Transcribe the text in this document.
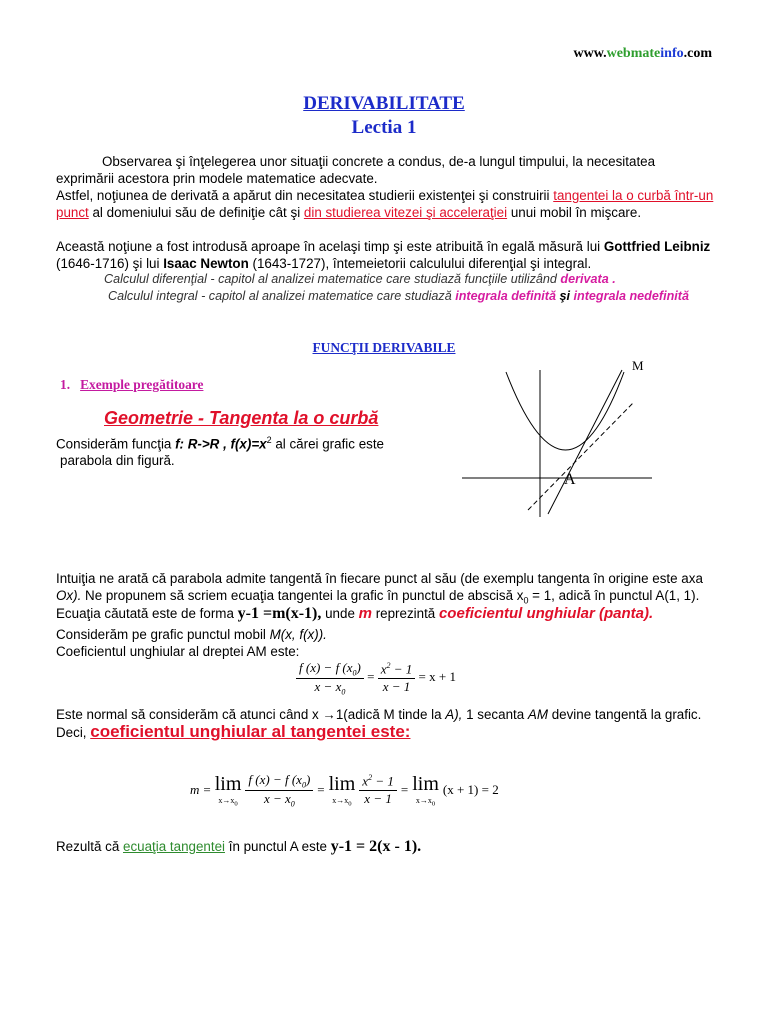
www.webmateinfo.com
DERIVABILITATE
Lectia 1
Observarea şi înţelegerea unor situaţii concrete a condus, de-a lungul timpului, la necesitatea exprimării acestora prin modele matematice adecvate.
Astfel, noţiunea de derivată a apărut din necesitatea studierii existenţei şi construirii tangentei la o curbă într-un punct al domeniului său de definiţie cât şi din studierea vitezei şi acceleraţiei unui mobil în mişcare.
Această noţiune a fost introdusă aproape în acelaşi timp şi este atribuită în egală măsură lui Gottfried Leibniz (1646-1716) şi lui Isaac Newton (1643-1727), întemeietorii calculului diferenţial şi integral.
Calculul diferenţial - capitol al analizei matematice care studiază funcţiile utilizând derivata .
Calculul integral - capitol al analizei matematice care studiază integrala definită şi integrala nedefinită
FUNCŢII DERIVABILE
1. Exemple pregătitoare
Geometrie - Tangenta la o curbă
M
A
Considerăm funcţia f: R->R , $f(x)=x^2$ al cărei grafic este
parabola din figură.
Intuiţia ne arată că parabola admite tangentă în fiecare punct al său (de exemplu tangenta în origine este axa Ox). Ne propunem să scriem ecuaţia tangentei la grafic în punctul de abscisă $x_0 = 1$, adică în punctul A(1, 1).
Ecuaţia căutată este de forma y-1 =m(x-1), unde m reprezintă coeficientul unghiular (panta).
Considerăm pe grafic punctul mobil M(x, f(x)).
Coeficientul unghiular al dreptei AM este:
$\frac{f (x) - f (x_0)}{x - x_0} = \frac{x^2 - 1}{x - 1} = x + 1$
Este normal să considerăm că atunci când x →1(adică M tinde la A), 1 secanta AM devine tangentă la grafic. Deci, coeficientul unghiular al tangentei este:
m = lim
$x\to x_0 \frac{f (x) - f (x_0)}{x - x_0} = \lim$
$x\to x_0 \frac{x^2 - 1}{x - 1} = \lim$
$x\to x_0$
(x + 1) = 2
Rezultă că ecuaţia tangentei în punctul A este y-1 = 2(x - 1).
